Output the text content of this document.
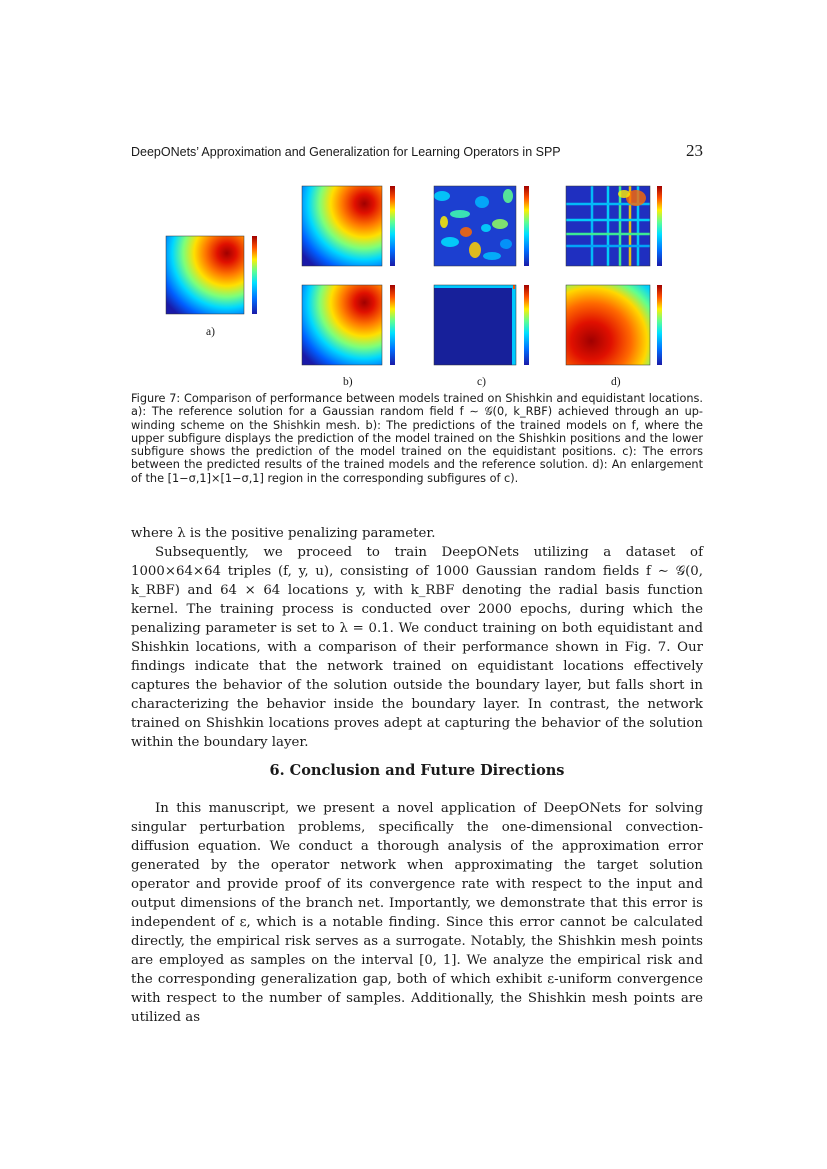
DeepONets’ Approximation and Generalization for Learning Operators in SPP	23
a)
b)	c)	d)

Figure 7: Comparison of performance between models trained on Shishkin and equidistant locations. a): The reference solution for a Gaussian random field f ∼ 𝒢(0, k_RBF) achieved through an up-winding scheme on the Shishkin mesh. b): The predictions of the trained models on f, where the upper subfigure displays the prediction of the model trained on the Shishkin positions and the lower subfigure shows the prediction of the model trained on the equidistant positions. c): The errors between the predicted results of the trained models and the reference solution. d): An enlargement of the [1−σ,1]×[1−σ,1] region in the corresponding subfigures of c).

where λ is the positive penalizing parameter.

Subsequently, we proceed to train DeepONets utilizing a dataset of 1000×64×64 triples (f, y, u), consisting of 1000 Gaussian random fields f ∼ 𝒢(0, k_RBF) and 64 × 64 locations y, with k_RBF denoting the radial basis function kernel. The training process is conducted over 2000 epochs, during which the penalizing parameter is set to λ = 0.1. We conduct training on both equidistant and Shishkin locations, with a comparison of their performance shown in Fig. 7. Our findings indicate that the network trained on equidistant locations effectively captures the behavior of the solution outside the boundary layer, but falls short in characterizing the behavior inside the boundary layer. In contrast, the network trained on Shishkin locations proves adept at capturing the behavior of the solution within the boundary layer.

6. Conclusion and Future Directions

In this manuscript, we present a novel application of DeepONets for solving singular perturbation problems, specifically the one-dimensional convection-diffusion equation. We conduct a thorough analysis of the approximation error generated by the operator network when approximating the target solution operator and provide proof of its convergence rate with respect to the input and output dimensions of the branch net. Importantly, we demonstrate that this error is independent of ε, which is a notable finding. Since this error cannot be calculated directly, the empirical risk serves as a surrogate. Notably, the Shishkin mesh points are employed as samples on the interval [0, 1]. We analyze the empirical risk and the corresponding generalization gap, both of which exhibit ε-uniform convergence with respect to the number of samples. Additionally, the Shishkin mesh points are utilized as
